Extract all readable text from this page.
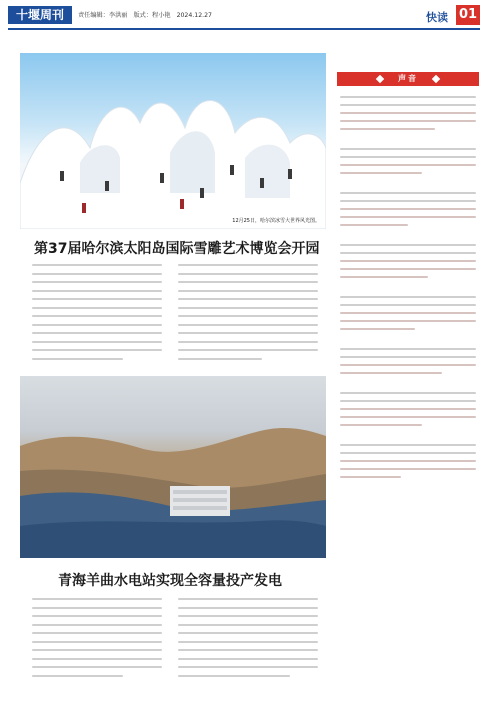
十堰周刊	责任编辑：李洪丽 版式：程小艳 2024.12.27	快读 01
12月25日，哈尔滨冰雪大世界风光图。
第37届哈尔滨太阳岛国际雪雕艺术博览会开园
青海羊曲水电站实现全容量投产发电
声音
